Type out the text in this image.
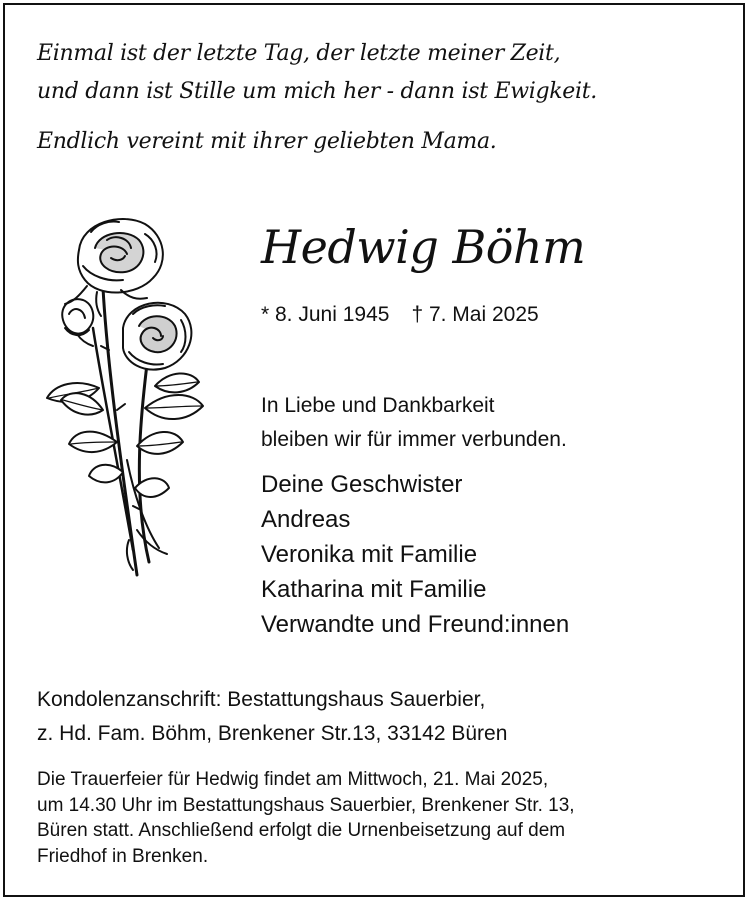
Einmal ist der letzte Tag, der letzte meiner Zeit,
und dann ist Stille um mich her - dann ist Ewigkeit.
Endlich vereint mit ihrer geliebten Mama.
Hedwig Böhm
* 8. Juni 1945 † 7. Mai 2025
In Liebe und Dankbarkeit
bleiben wir für immer verbunden.
Deine Geschwister
Andreas
Veronika mit Familie
Katharina mit Familie
Verwandte und Freund:innen
Kondolenzanschrift: Bestattungshaus Sauerbier,
z. Hd. Fam. Böhm, Brenkener Str.13, 33142 Büren
Die Trauerfeier für Hedwig findet am Mittwoch, 21. Mai 2025,
um 14.30 Uhr im Bestattungshaus Sauerbier, Brenkener Str. 13,
Büren statt. Anschließend erfolgt die Urnenbeisetzung auf dem
Friedhof in Brenken.
